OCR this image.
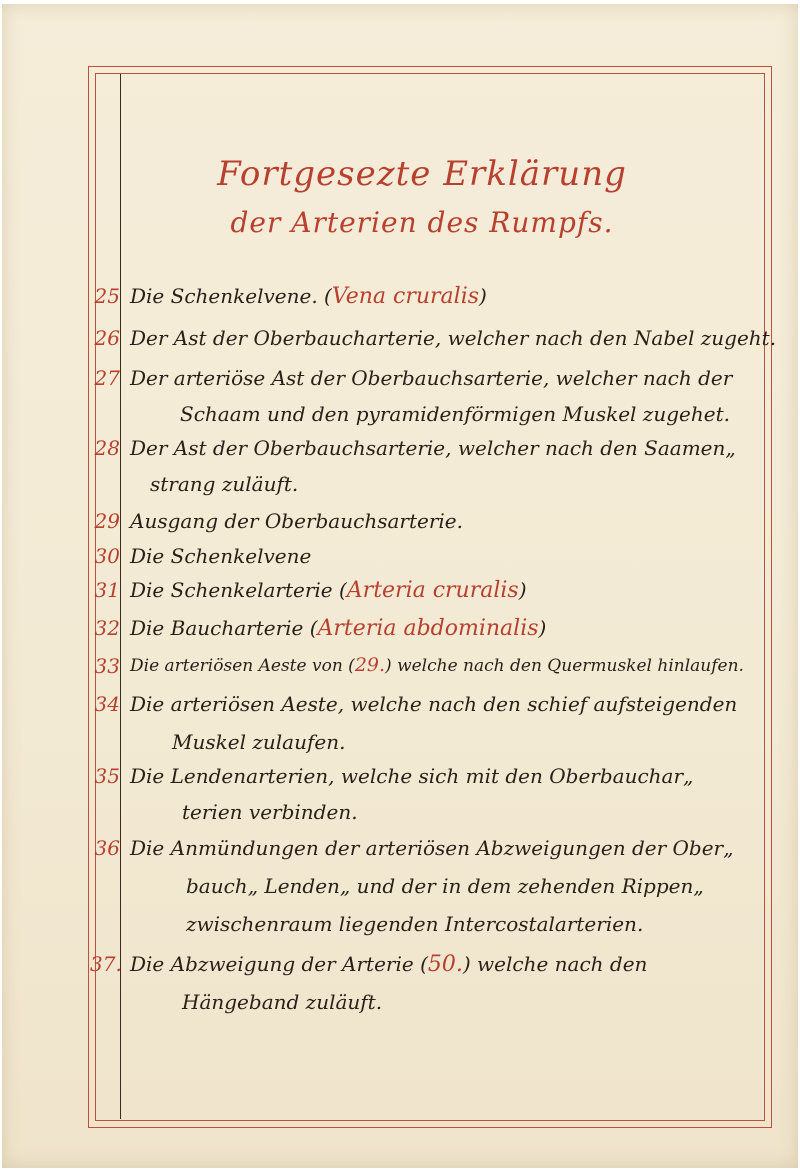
Fortgesezte Erklärung
der Arterien des Rumpfs.
25 Die Schenkelvene. (Vena cruralis)
26 Der Ast der Oberbaucharterie, welcher nach den Nabel zugeht.
27 Der arteriöse Ast der Oberbauchsarterie, welcher nach der
Schaam und den pyramidenförmigen Muskel zugehet.
28 Der Ast der Oberbauchsarterie, welcher nach den Saamen„
strang zuläuft.
29 Ausgang der Oberbauchsarterie.
30 Die Schenkelvene
31 Die Schenkelarterie (Arteria cruralis)
32 Die Baucharterie (Arteria abdominalis)
33 Die arteriösen Aeste von (29.) welche nach den Quermuskel hinlaufen.
34 Die arteriösen Aeste, welche nach den schief aufsteigenden
Muskel zulaufen.
35 Die Lendenarterien, welche sich mit den Oberbauchar„
terien verbinden.
36 Die Anmündungen der arteriösen Abzweigungen der Ober„
bauch„ Lenden„ und der in dem zehenden Rippen„
zwischenraum liegenden Intercostalarterien.
37. Die Abzweigung der Arterie (50.) welche nach den
Hängeband zuläuft.
